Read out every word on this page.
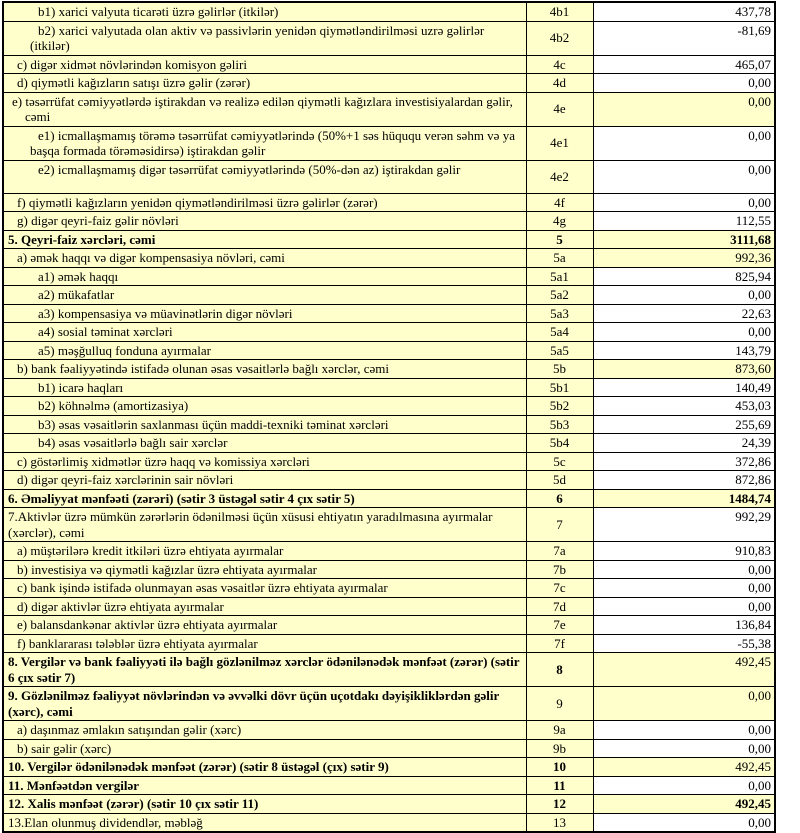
b1) xarici valyuta ticarəti üzrə gəlirlər (itkilər)	4b1	437,78
b2) xarici valyutada olan aktiv və passivlərin yenidən qiymətləndirilməsi uzrə gəlirlər (itkilər)	4b2	-81,69
c) digər xidmət növlərindən komisyon gəliri	4c	465,07
d) qiymətli kağızların satışı üzrə gəlir (zərər)	4d	0,00
e) təsərrüfat cəmiyyətlərdə iştirakdan və realizə edilən qiymətli kağızlara investisiyalardan gəlir, cəmi	4e	0,00
e1) icmallaşmamış törəmə təsərrüfat cəmiyyətlərində (50%+1 səs hüququ verən səhm və ya başqa formada törəməsidirsə) iştirakdan gəlir	4e1	0,00
e2) icmallaşmamış digər təsərrüfat cəmiyyətlərində (50%-dən az) iştirakdan gəlir	4e2	0,00
f) qiymətli kağızların yenidən qiymətləndirilməsi üzrə gəlirlər (zərər)	4f	0,00
g) digər qeyri-faiz gəlir növləri	4g	112,55
5. Qeyri-faiz xərcləri, cəmi	5	3111,68
a) əmək haqqı və digər kompensasiya növləri, cəmi	5a	992,36
a1) əmək haqqı	5a1	825,94
a2) mükafatlar	5a2	0,00
a3) kompensasiya və müavinətlərin digər növləri	5a3	22,63
a4) sosial təminat xərcləri	5a4	0,00
a5) məşğulluq fonduna ayırmalar	5a5	143,79
b) bank fəaliyyətində istifadə olunan əsas vəsaitlərlə bağlı xərclər, cəmi	5b	873,60
b1) icarə haqları	5b1	140,49
b2) köhnəlmə (amortizasiya)	5b2	453,03
b3) əsas vəsaitlərin saxlanması üçün maddi-texniki təminat xərcləri	5b3	255,69
b4) əsas vəsaitlərlə bağlı sair xərclər	5b4	24,39
c) göstərlimiş xidmətlər üzrə haqq və komissiya xərcləri	5c	372,86
d) digər qeyri-faiz xərclərinin sair növləri	5d	872,86
6. Əməliyyat mənfəəti (zərəri) (sətir 3 üstəgəl sətir 4 çıx sətir 5)	6	1484,74
7.Aktivlər üzrə mümkün zərərlərin ödənilməsi üçün xüsusi ehtiyatın yaradılmasına ayırmalar (xərclər), cəmi	7	992,29
a) müştərilərə kredit itkiləri üzrə ehtiyata ayırmalar	7a	910,83
b) investisiya və qiymətli kağızlar üzrə ehtiyata ayırmalar	7b	0,00
c) bank işində istifadə olunmayan əsas vəsaitlər üzrə ehtiyata ayırmalar	7c	0,00
d) digər aktivlər üzrə ehtiyata ayırmalar	7d	0,00
e) balansdankənar aktivlər üzrə ehtiyata ayırmalar	7e	136,84
f) banklararası tələblər üzrə ehtiyata ayırmalar	7f	-55,38
8. Vergilər və bank fəaliyyəti ilə bağlı gözlənilməz xərclər ödənilənədək mənfəət (zərər) (sətir 6 çıx sətir 7)	8	492,45
9. Gözlənilməz fəaliyyət növlərindən və əvvəlki dövr üçün uçotdakı dəyişikliklərdən gəlir (xərc), cəmi	9	0,00
a) daşınmaz əmlakın satışından gəlir (xərc)	9a	0,00
b) sair gəlir (xərc)	9b	0,00
10. Vergilər ödənilənədək mənfəət (zərər) (sətir 8 üstəgəl (çıx) sətir 9)	10	492,45
11. Mənfəətdən vergilər	11	0,00
12. Xalis mənfəət (zərər) (sətir 10 çıx sətir 11)	12	492,45
13.Elan olunmuş dividendlər, məbləğ	13	0,00
